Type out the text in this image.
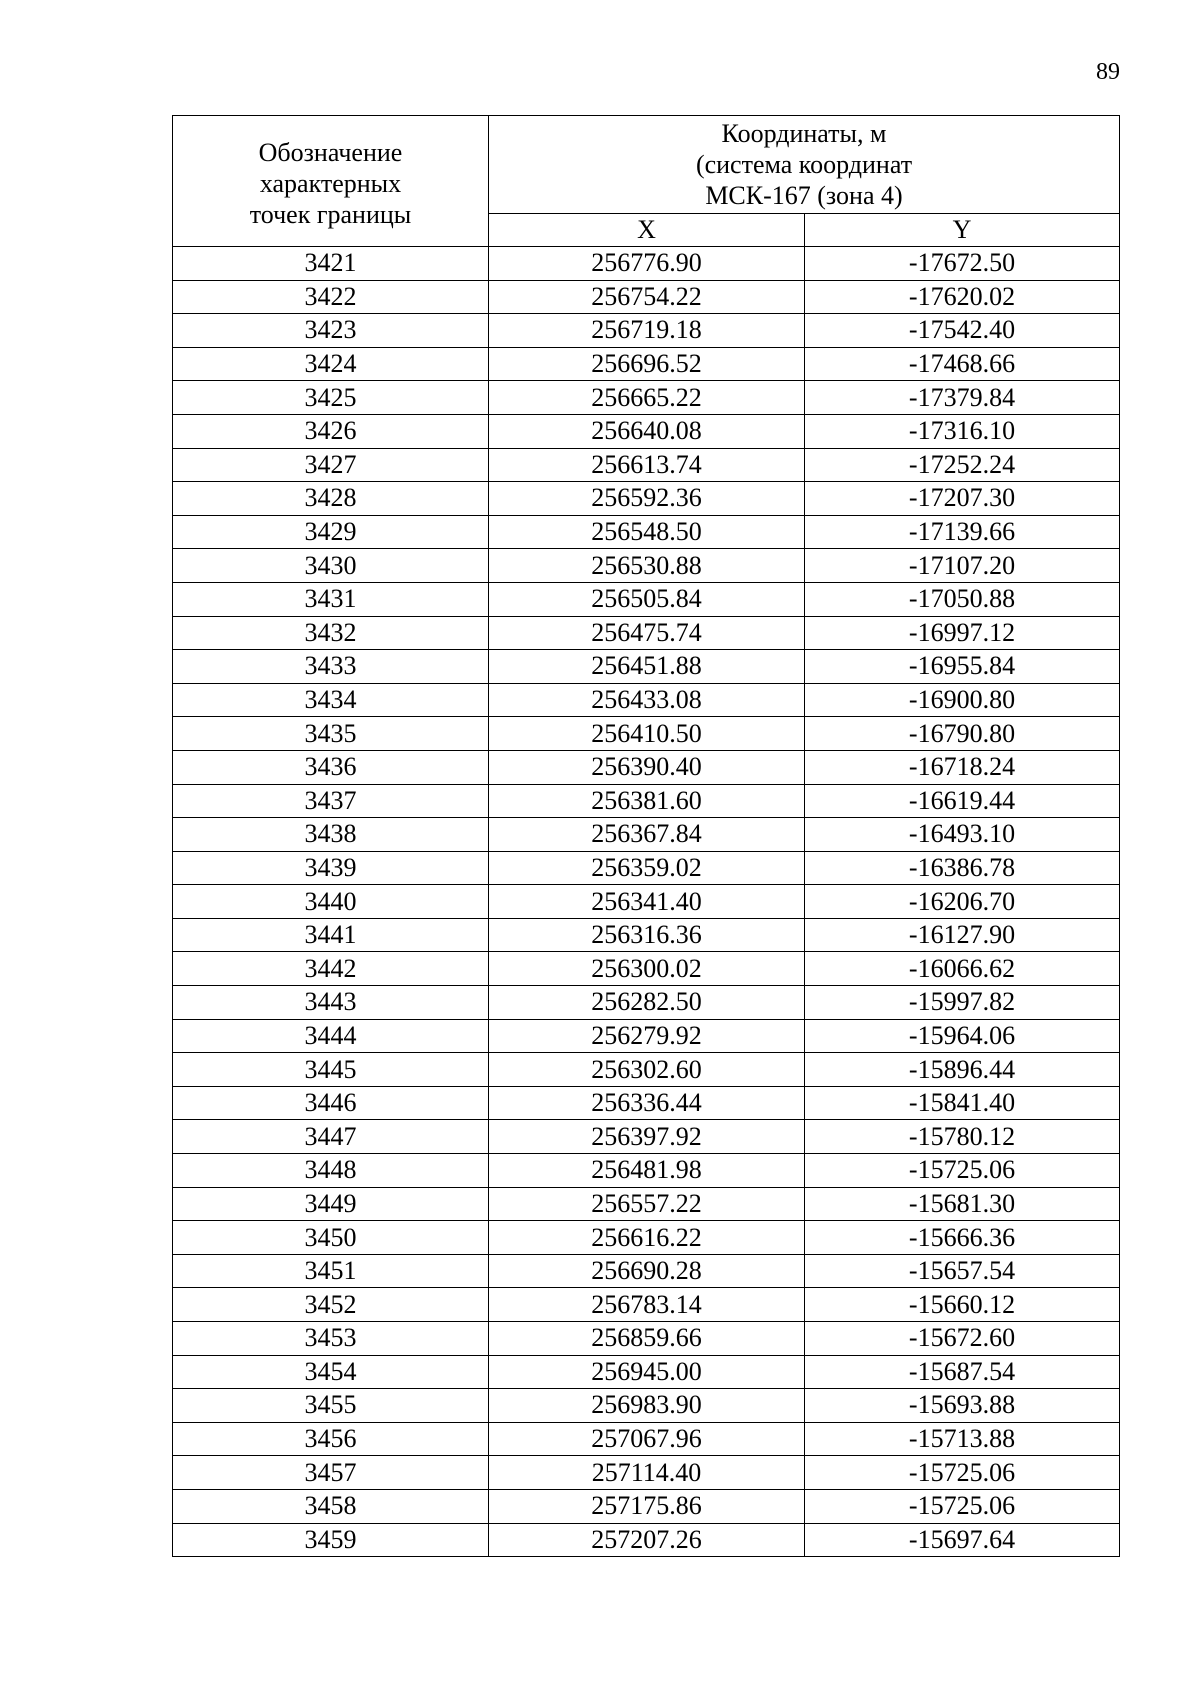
89
Обозначение
характерных
точек границы	Координаты, м
(система координат
МСК-167 (зона 4)	
	X	Y
3421	256776.90	-17672.50
3422	256754.22	-17620.02
3423	256719.18	-17542.40
3424	256696.52	-17468.66
3425	256665.22	-17379.84
3426	256640.08	-17316.10
3427	256613.74	-17252.24
3428	256592.36	-17207.30
3429	256548.50	-17139.66
3430	256530.88	-17107.20
3431	256505.84	-17050.88
3432	256475.74	-16997.12
3433	256451.88	-16955.84
3434	256433.08	-16900.80
3435	256410.50	-16790.80
3436	256390.40	-16718.24
3437	256381.60	-16619.44
3438	256367.84	-16493.10
3439	256359.02	-16386.78
3440	256341.40	-16206.70
3441	256316.36	-16127.90
3442	256300.02	-16066.62
3443	256282.50	-15997.82
3444	256279.92	-15964.06
3445	256302.60	-15896.44
3446	256336.44	-15841.40
3447	256397.92	-15780.12
3448	256481.98	-15725.06
3449	256557.22	-15681.30
3450	256616.22	-15666.36
3451	256690.28	-15657.54
3452	256783.14	-15660.12
3453	256859.66	-15672.60
3454	256945.00	-15687.54
3455	256983.90	-15693.88
3456	257067.96	-15713.88
3457	257114.40	-15725.06
3458	257175.86	-15725.06
3459	257207.26	-15697.64
